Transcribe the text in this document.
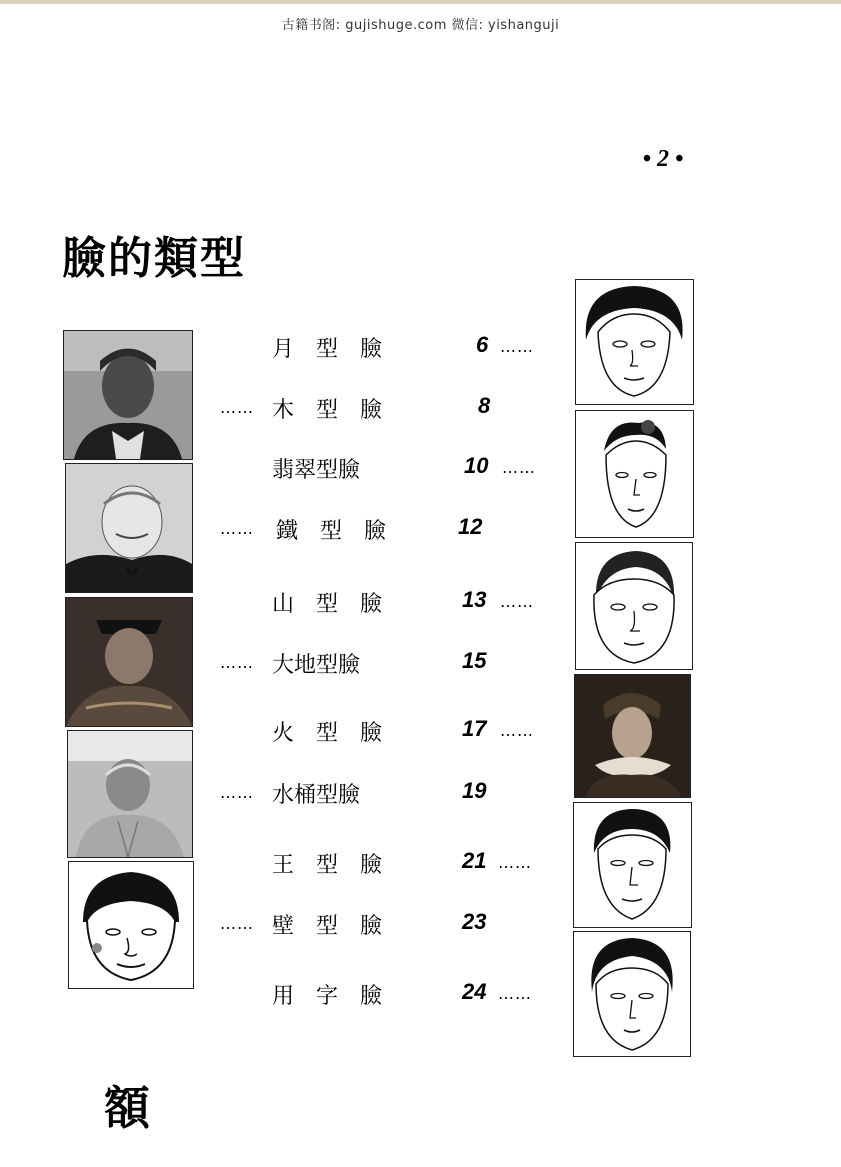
古籍书阁: gujishuge.com 微信: yishanguji
• 2 •
臉的類型
月　型　臉	6 ……
…… 木　型　臉	8
翡翠型臉	10 ……
…… 鐵　型　臉	12
山　型　臉	13 ……
…… 大地型臉	15
火　型　臉	17 ……
…… 水桶型臉	19
王　型　臉	21 ……
…… 壁　型　臉	23
用　字　臉	24 ……
額
